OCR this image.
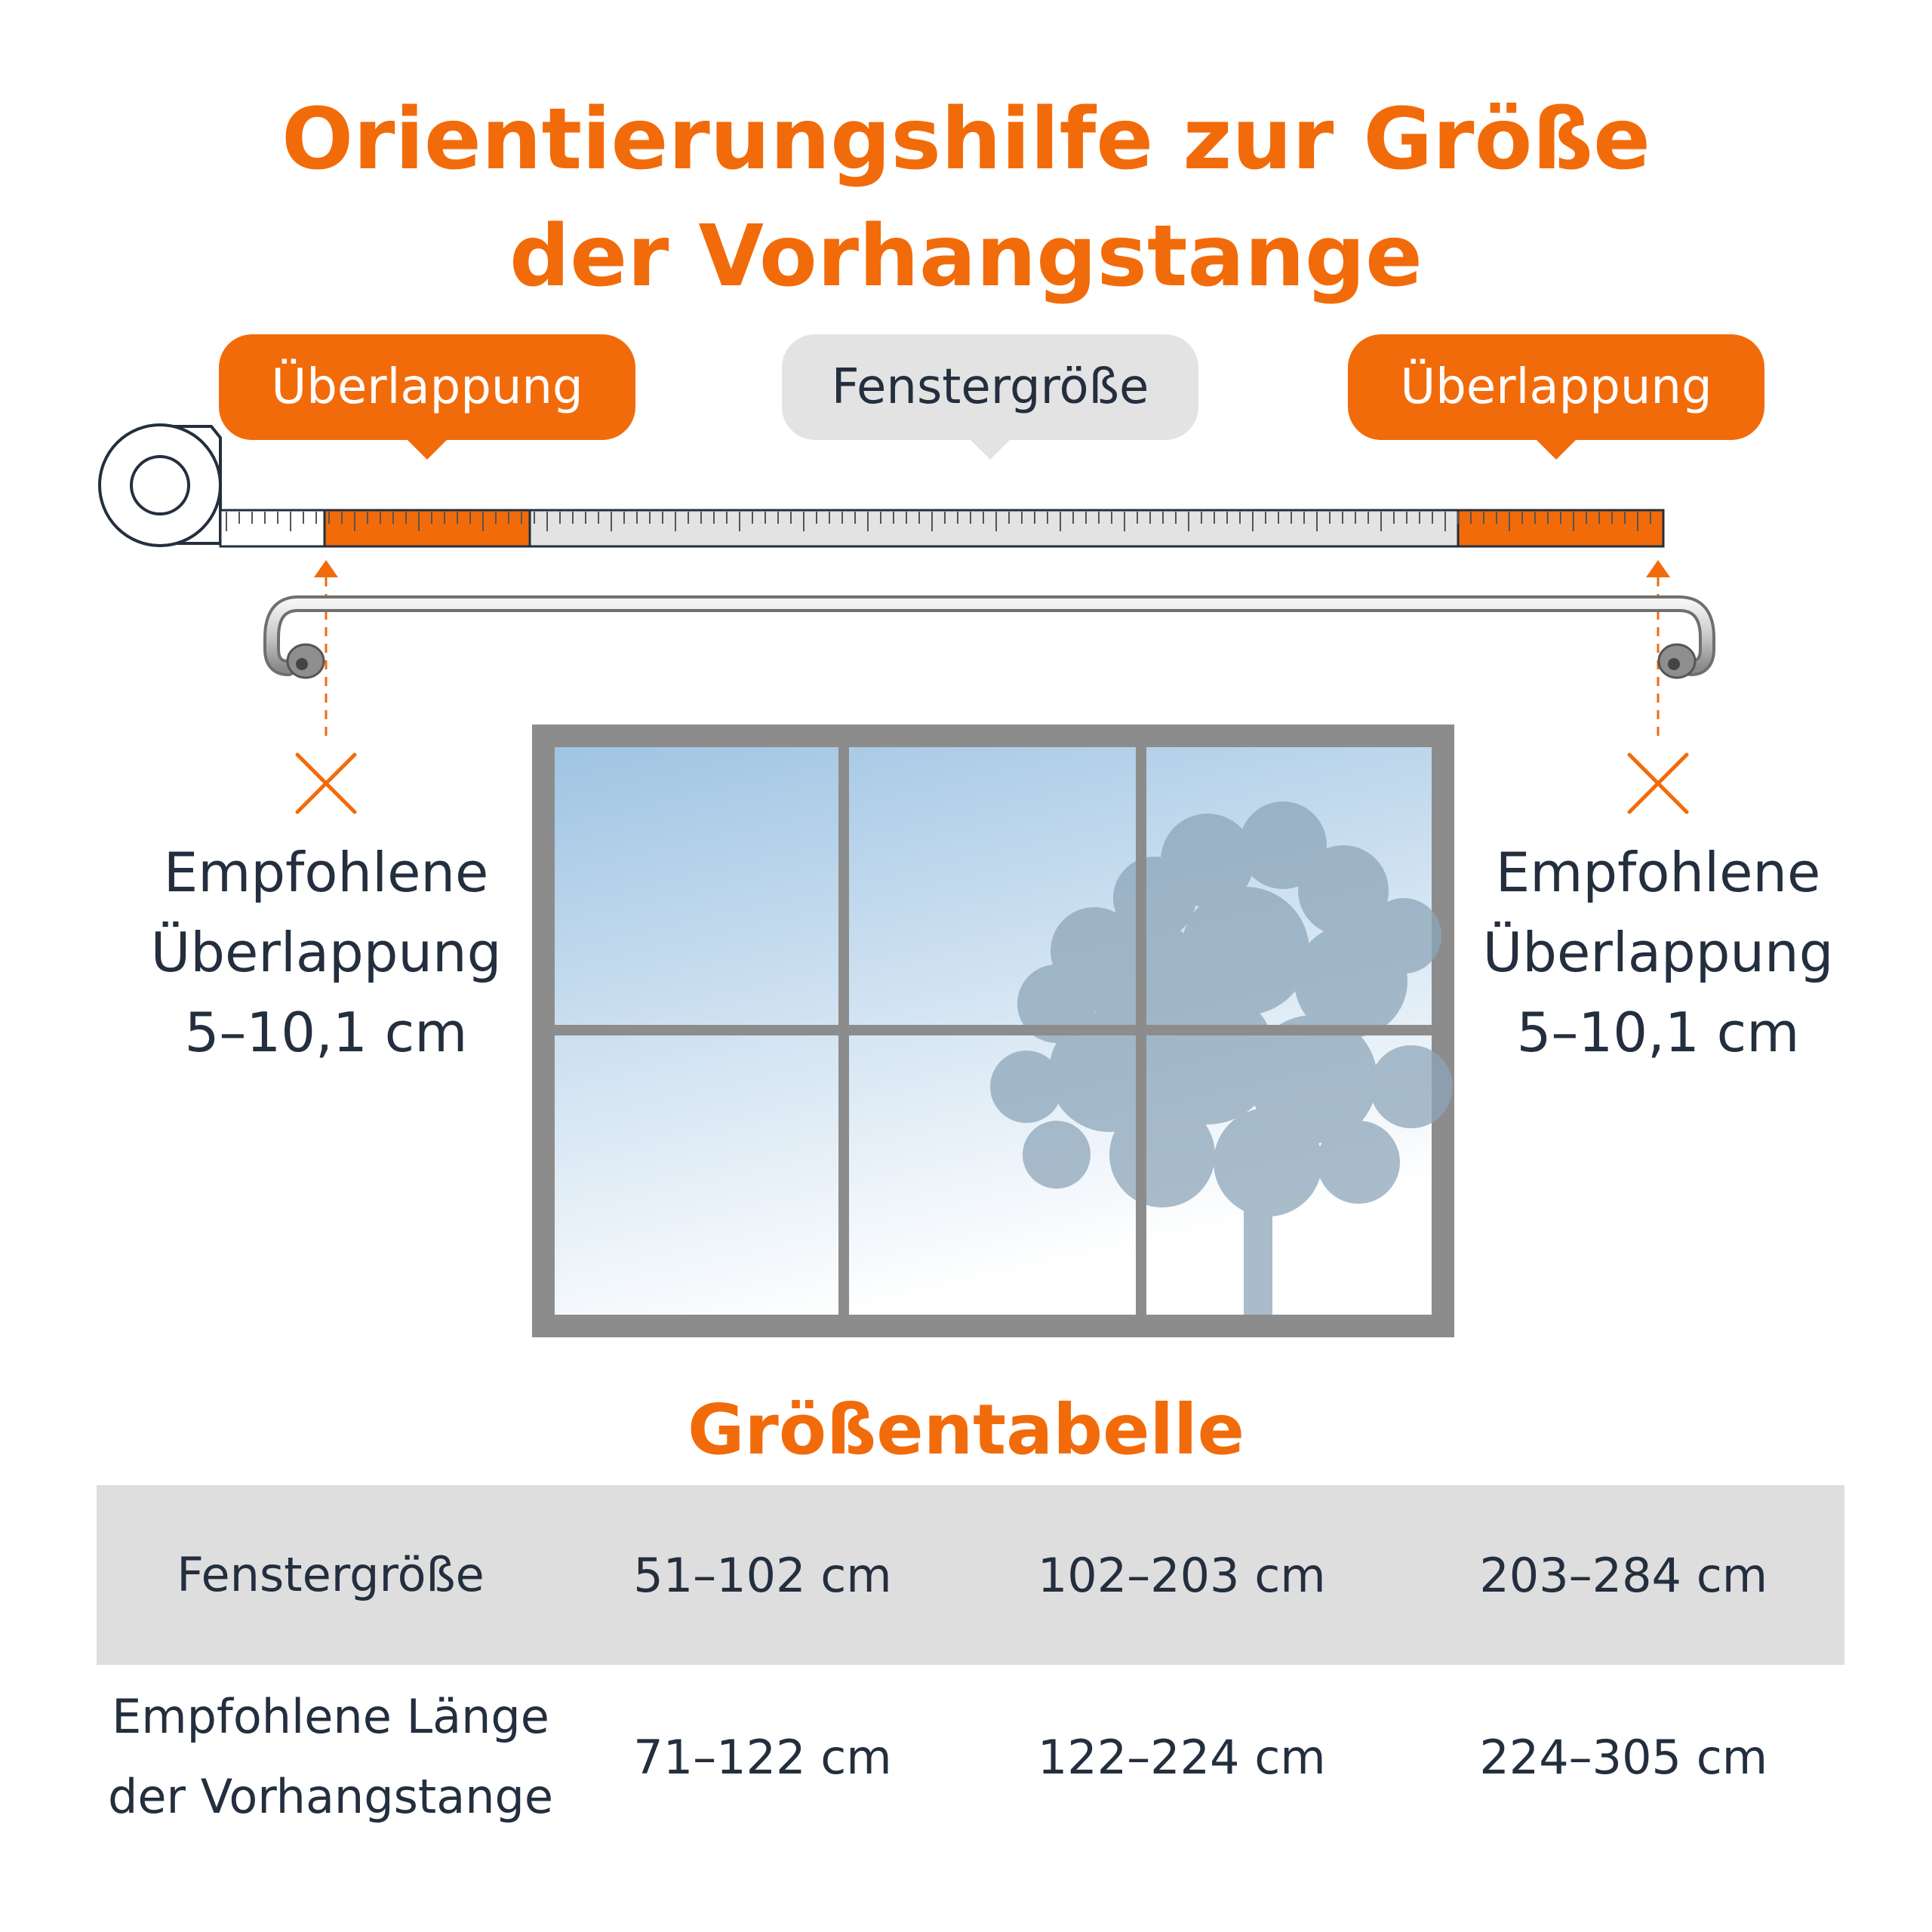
Orientierungshilfe zur Größe
der Vorhangstange
Überlappung	Fenstergröße	Überlappung
Empfohlene
Überlappung
5–10,1 cm
Empfohlene
Überlappung
5–10,1 cm
Größentabelle
Fenstergröße	51–102 cm	102–203 cm	203–284 cm

Empfohlene Länge
der Vorhangstange	71–122 cm	122–224 cm	224–305 cm
